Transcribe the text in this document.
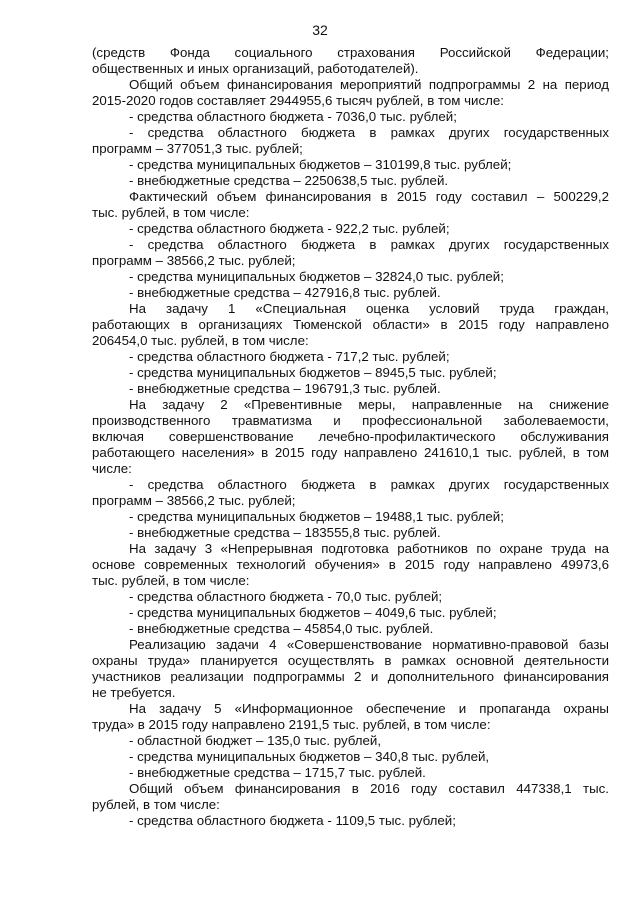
32

(средств Фонда социального страхования Российской Федерации;

общественных и иных организаций, работодателей).

Общий объем финансирования мероприятий подпрограммы 2 на период

2015-2020 годов составляет 2944955,6 тысяч рублей, в том числе:

- средства областного бюджета - 7036,0 тыс. рублей;

- средства областного бюджета в рамках других государственных

программ – 377051,3 тыс. рублей;

- средства муниципальных бюджетов – 310199,8 тыс. рублей;

- внебюджетные средства – 2250638,5 тыс. рублей.

Фактический объем финансирования в 2015 году составил – 500229,2

тыс. рублей, в том числе:

- средства областного бюджета - 922,2 тыс. рублей;

- средства областного бюджета в рамках других государственных

программ – 38566,2 тыс. рублей;

- средства муниципальных бюджетов – 32824,0 тыс. рублей;

- внебюджетные средства – 427916,8 тыс. рублей.

На задачу 1 «Специальная оценка условий труда граждан,

работающих в организациях Тюменской области» в 2015 году направлено

206454,0 тыс. рублей, в том числе:

- средства областного бюджета - 717,2 тыс. рублей;

- средства муниципальных бюджетов – 8945,5 тыс. рублей;

- внебюджетные средства – 196791,3 тыс. рублей.

На задачу 2 «Превентивные меры, направленные на снижение

производственного травматизма и профессиональной заболеваемости,

включая совершенствование лечебно-профилактического обслуживания

работающего населения» в 2015 году направлено 241610,1 тыс. рублей, в том

числе:

- средства областного бюджета в рамках других государственных

программ – 38566,2 тыс. рублей;

- средства муниципальных бюджетов – 19488,1 тыс. рублей;

- внебюджетные средства – 183555,8 тыс. рублей.

На задачу 3 «Непрерывная подготовка работников по охране труда на

основе современных технологий обучения» в 2015 году направлено 49973,6

тыс. рублей, в том числе:

- средства областного бюджета - 70,0 тыс. рублей;

- средства муниципальных бюджетов – 4049,6 тыс. рублей;

- внебюджетные средства – 45854,0 тыс. рублей.

Реализацию задачи 4 «Совершенствование нормативно-правовой базы

охраны труда» планируется осуществлять в рамках основной деятельности

участников реализации подпрограммы 2 и дополнительного финансирования

не требуется.

На задачу 5 «Информационное обеспечение и пропаганда охраны

труда» в 2015 году направлено 2191,5 тыс. рублей, в том числе:

- областной бюджет – 135,0 тыс. рублей,

- средства муниципальных бюджетов – 340,8 тыс. рублей,

- внебюджетные средства – 1715,7 тыс. рублей.

Общий объем финансирования в 2016 году составил 447338,1 тыс.

рублей, в том числе:

- средства областного бюджета - 1109,5 тыс. рублей;
